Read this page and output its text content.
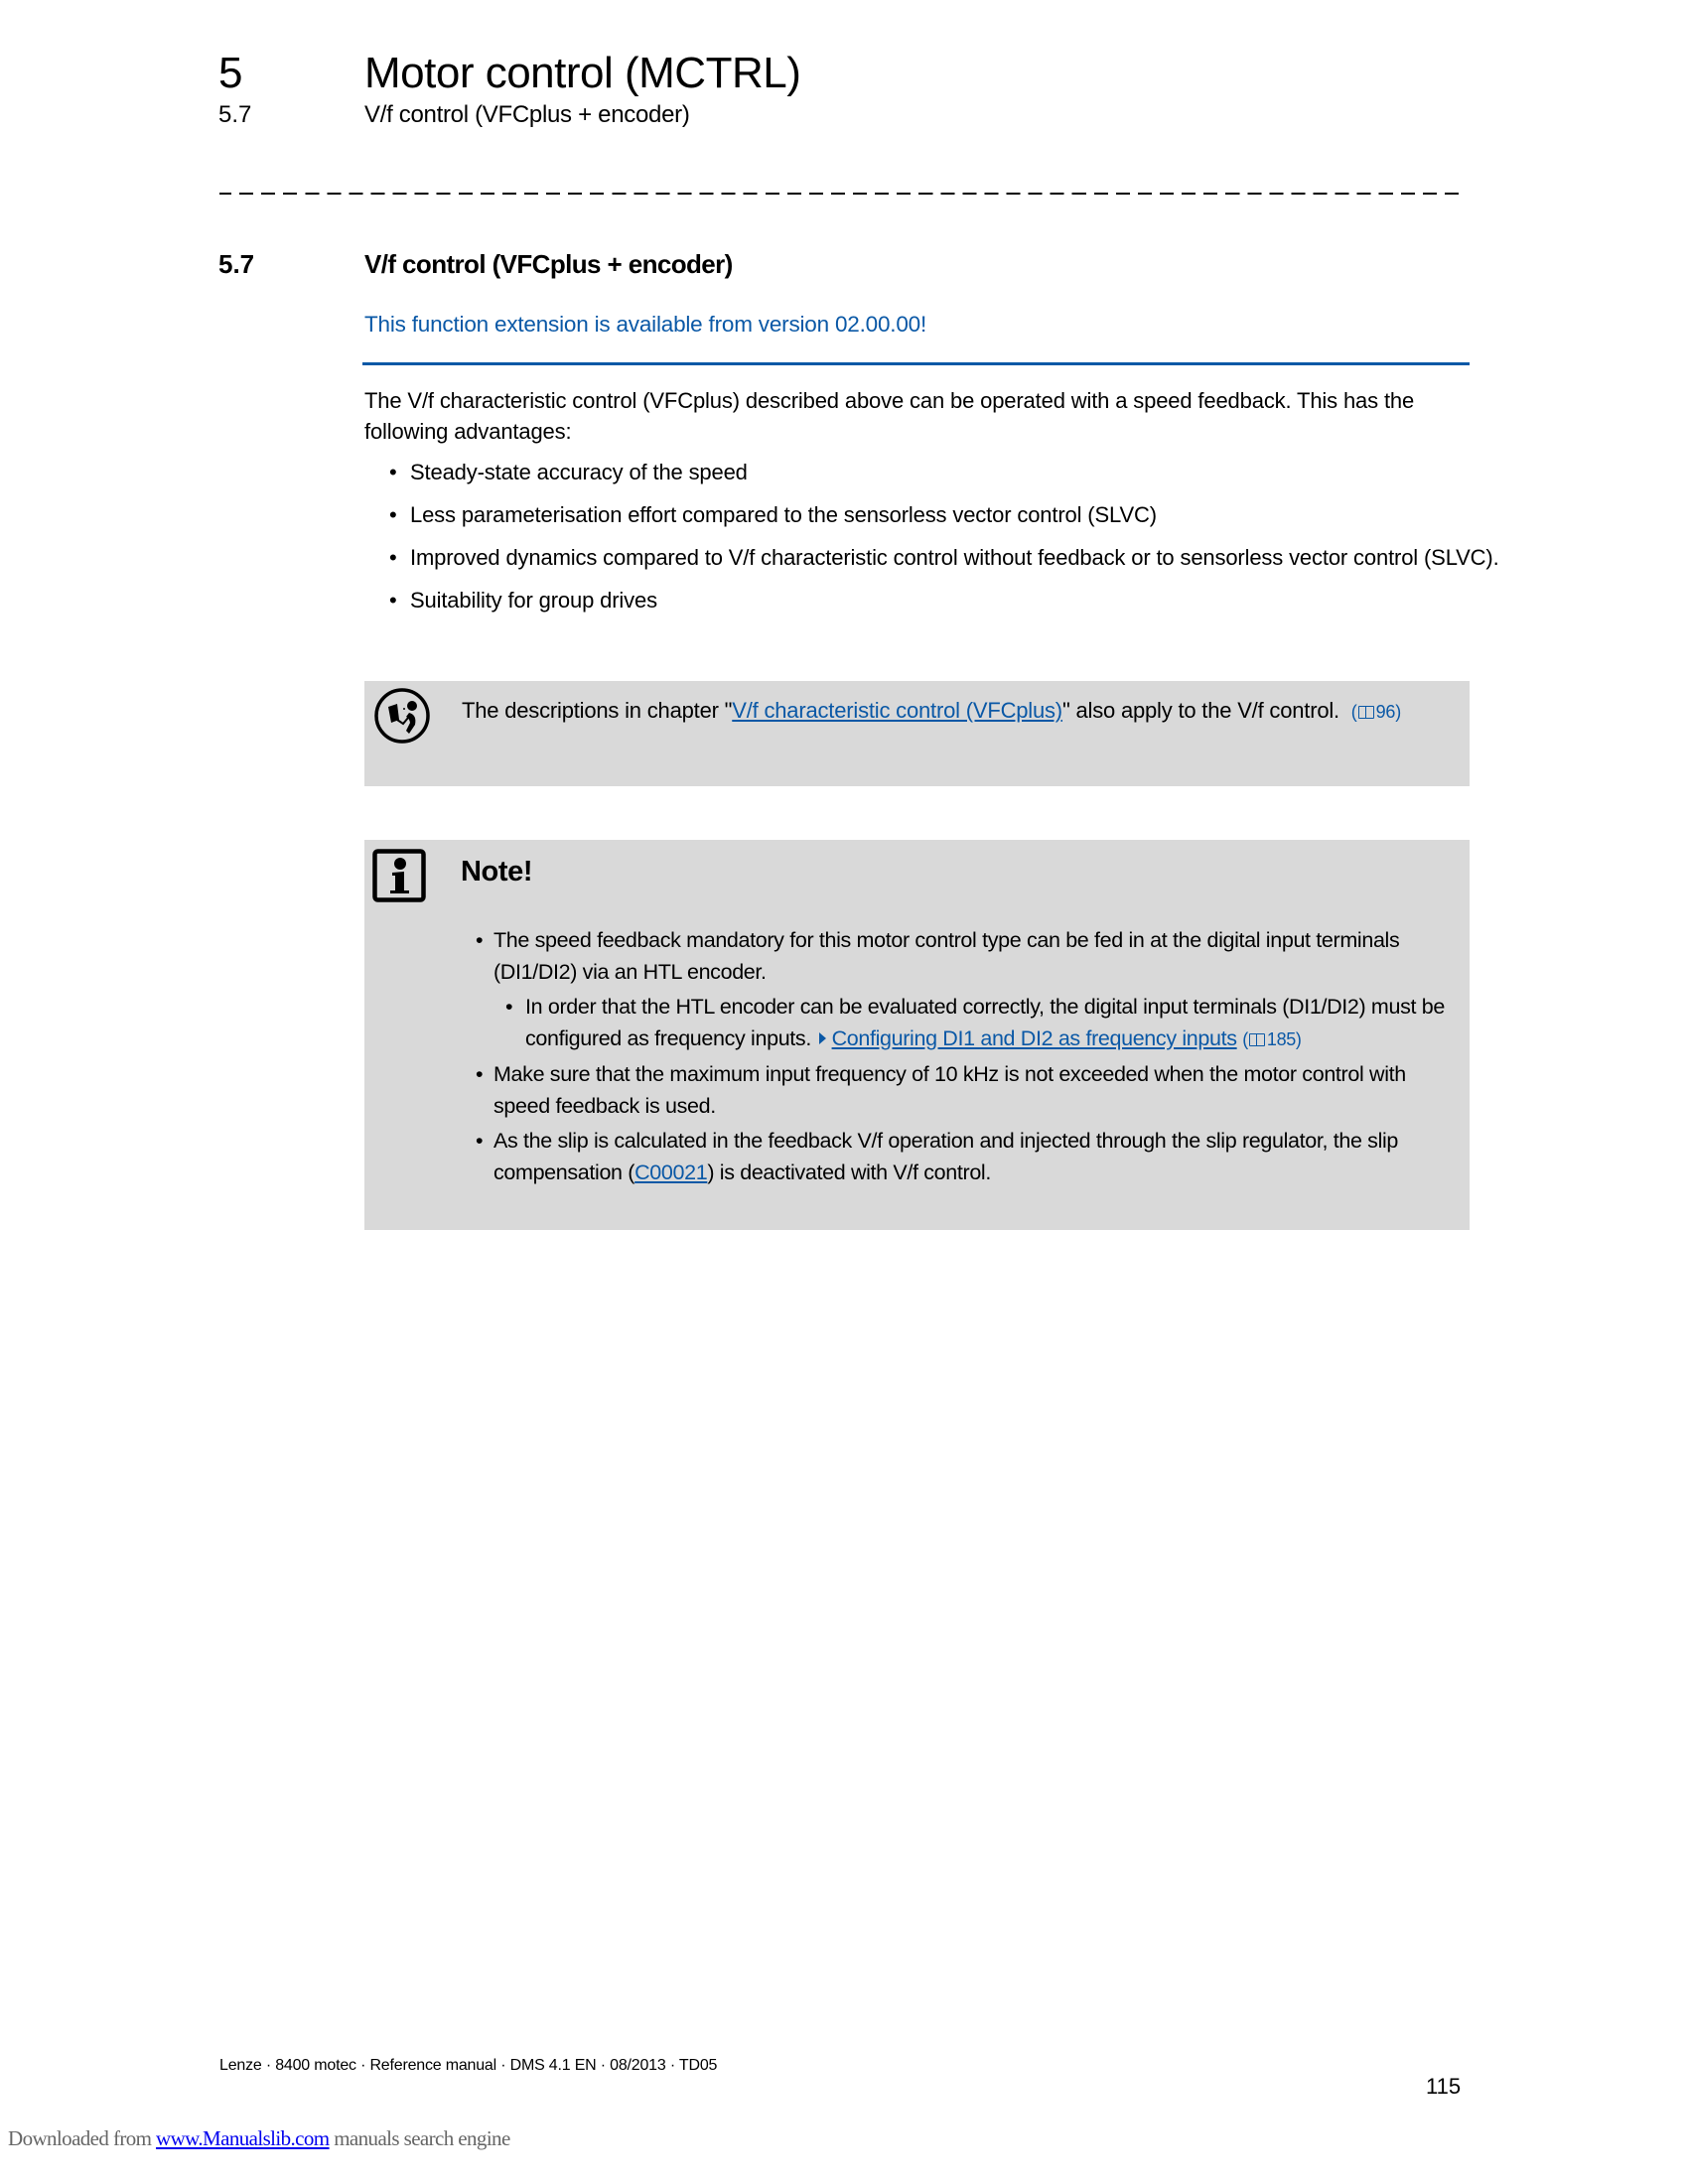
5	Motor control (MCTRL)
5.7	V/f control (VFCplus + encoder)
5.7	V/f control (VFCplus + encoder)
This function extension is available from version 02.00.00!
The V/f characteristic control (VFCplus) described above can be operated with a speed feedback. This has the following advantages:
• Steady-state accuracy of the speed
• Less parameterisation effort compared to the sensorless vector control (SLVC)
• Improved dynamics compared to V/f characteristic control without feedback or to sensorless vector control (SLVC).
• Suitability for group drives
The descriptions in chapter "V/f characteristic control (VFCplus)" also apply to the V/f control. ( 96)
Note!
• The speed feedback mandatory for this motor control type can be fed in at the digital input terminals (DI1/DI2) via an HTL encoder.
• In order that the HTL encoder can be evaluated correctly, the digital input terminals (DI1/DI2) must be configured as frequency inputs. Configuring DI1 and DI2 as frequency inputs ( 185)
• Make sure that the maximum input frequency of 10 kHz is not exceeded when the motor control with speed feedback is used.
• As the slip is calculated in the feedback V/f operation and injected through the slip regulator, the slip compensation (C00021) is deactivated with V/f control.
Lenze · 8400 motec · Reference manual · DMS 4.1 EN · 08/2013 · TD05
115
Downloaded from www.Manualslib.com manuals search engine
